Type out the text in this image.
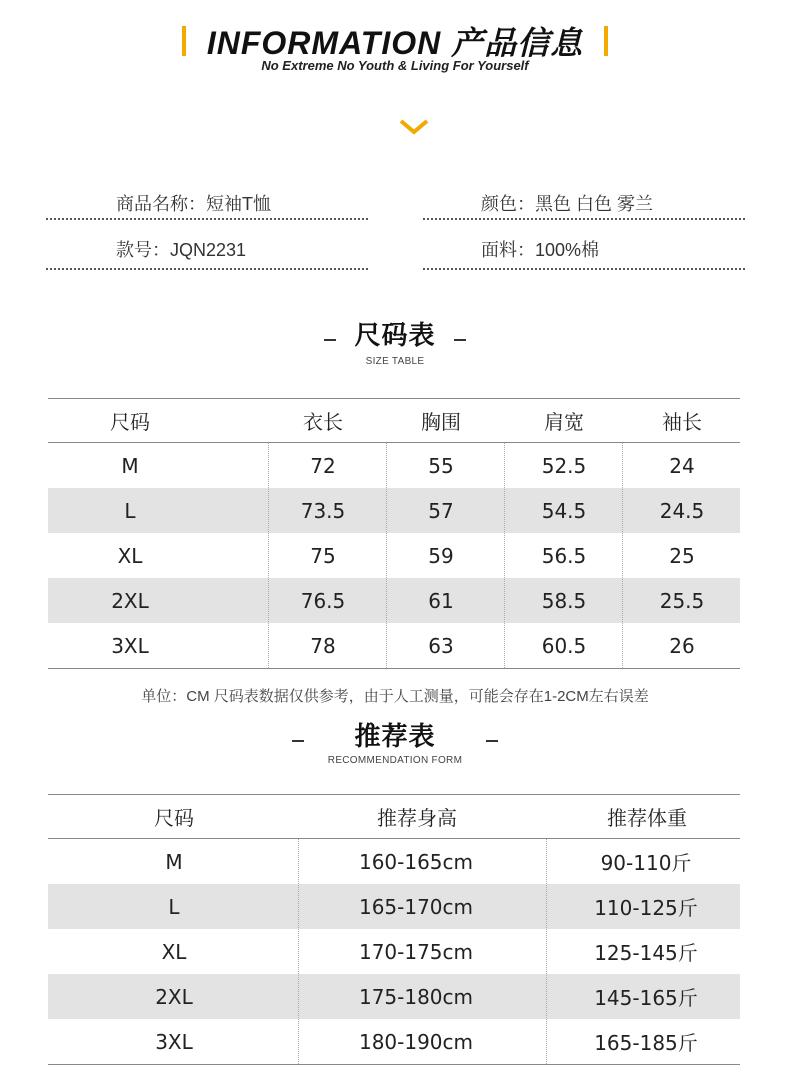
INFORMATION 产品信息
No Extreme No Youth & Living For Yourself
商品名称：短袖T恤	颜色：黑色 白色 雾兰
款号：JQN2231	面料：100%棉
尺码表
SIZE TABLE
尺码	衣长	胸围	肩宽	袖长
M	72	55	52.5	24
L	73.5	57	54.5	24.5
XL	75	59	56.5	25
2XL	76.5	61	58.5	25.5
3XL	78	63	60.5	26
单位：CM 尺码表数据仅供参考，由于人工测量，可能会存在1-2CM左右误差
推荐表
RECOMMENDATION FORM
尺码	推荐身高	推荐体重
M	160-165cm	90-110斤
L	165-170cm	110-125斤
XL	170-175cm	125-145斤
2XL	175-180cm	145-165斤
3XL	180-190cm	165-185斤
